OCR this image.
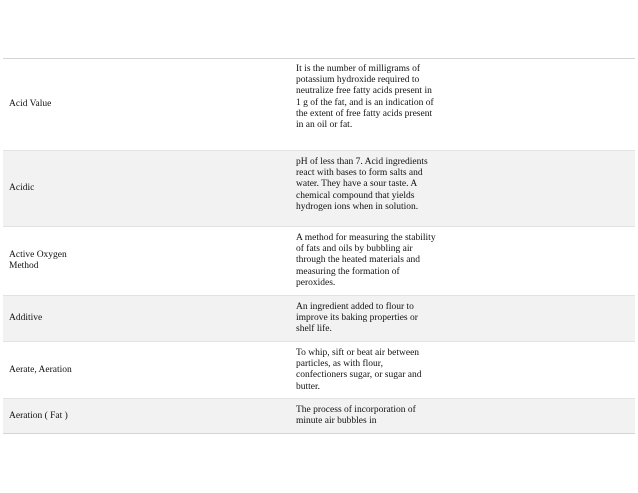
Acid Value
It is the number of milligrams of potassium hydroxide required to neutralize free fatty acids present in 1 g of the fat, and is an indication of the extent of free fatty acids present in an oil or fat.
Acidic
pH of less than 7. Acid ingredients react with bases to form salts and water. They have a sour taste. A chemical compound that yields hydrogen ions when in solution.
Active Oxygen Method
A method for measuring the stability of fats and oils by bubbling air through the heated materials and measuring the formation of peroxides.
Additive
An ingredient added to flour to improve its baking properties or shelf life.
Aerate, Aeration
To whip, sift or beat air between particles, as with flour, confectioners sugar, or sugar and butter.
Aeration ( Fat )
The process of incorporation of minute air bubbles in
